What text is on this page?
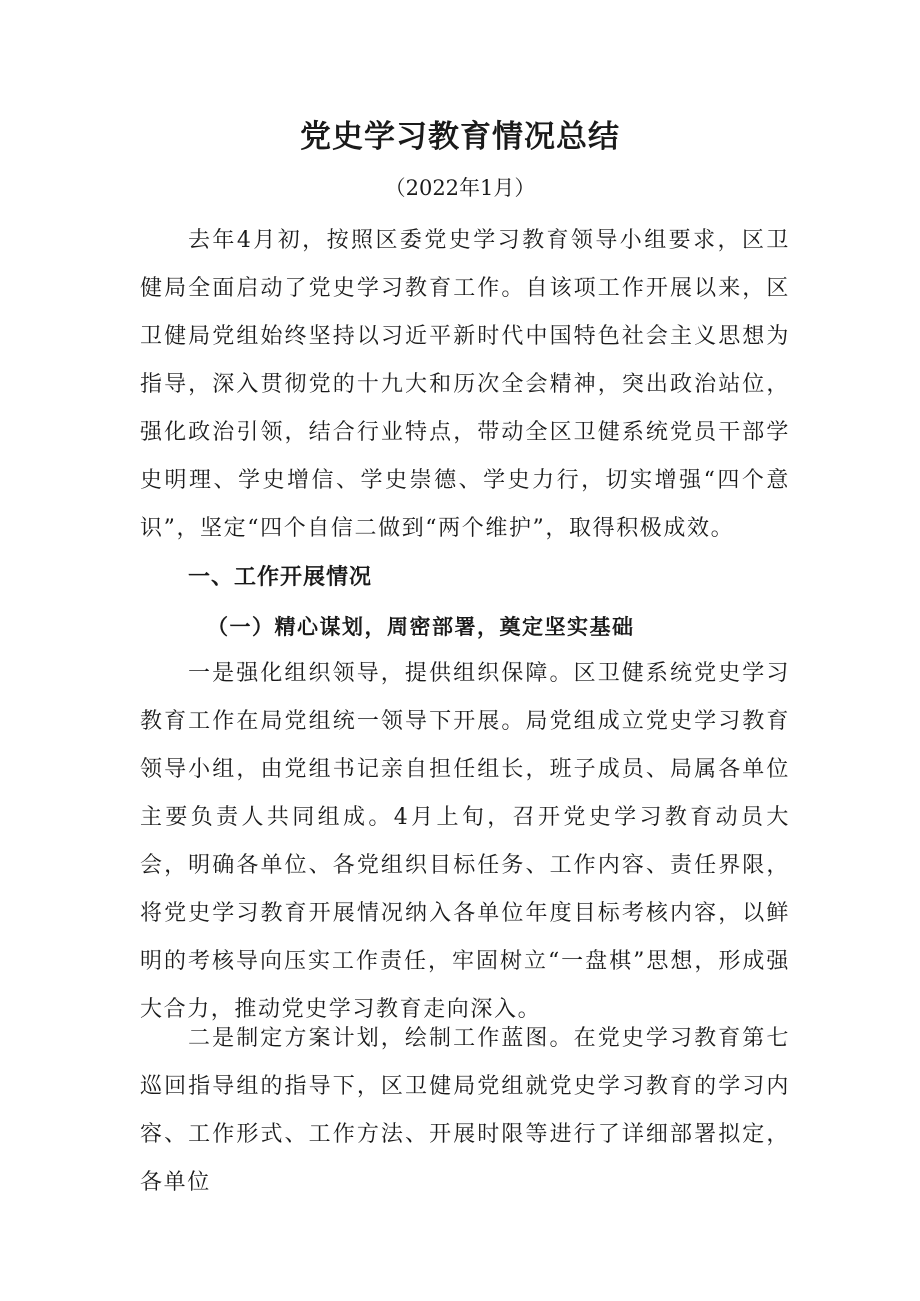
党史学习教育情况总结

（2022年1月）

去年4月初，按照区委党史学习教育领导小组要求，区卫健局全面启动了党史学习教育工作。自该项工作开展以来，区卫健局党组始终坚持以习近平新时代中国特色社会主义思想为指导，深入贯彻党的十九大和历次全会精神，突出政治站位，强化政治引领，结合行业特点，带动全区卫健系统党员干部学史明理、学史增信、学史崇德、学史力行，切实增强“四个意识”，坚定“四个自信二做到“两个维护”，取得积极成效。

一、工作开展情况
（一）精心谋划，周密部署，奠定坚实基础

一是强化组织领导，提供组织保障。区卫健系统党史学习教育工作在局党组统一领导下开展。局党组成立党史学习教育领导小组，由党组书记亲自担任组长，班子成员、局属各单位主要负责人共同组成。4月上旬，召开党史学习教育动员大会，明确各单位、各党组织目标任务、工作内容、责任界限，将党史学习教育开展情况纳入各单位年度目标考核内容，以鲜明的考核导向压实工作责任，牢固树立“一盘棋”思想，形成强大合力，推动党史学习教育走向深入。

二是制定方案计划，绘制工作蓝图。在党史学习教育第七巡回指导组的指导下，区卫健局党组就党史学习教育的学习内容、工作形式、工作方法、开展时限等进行了详细部署拟定，各单位
